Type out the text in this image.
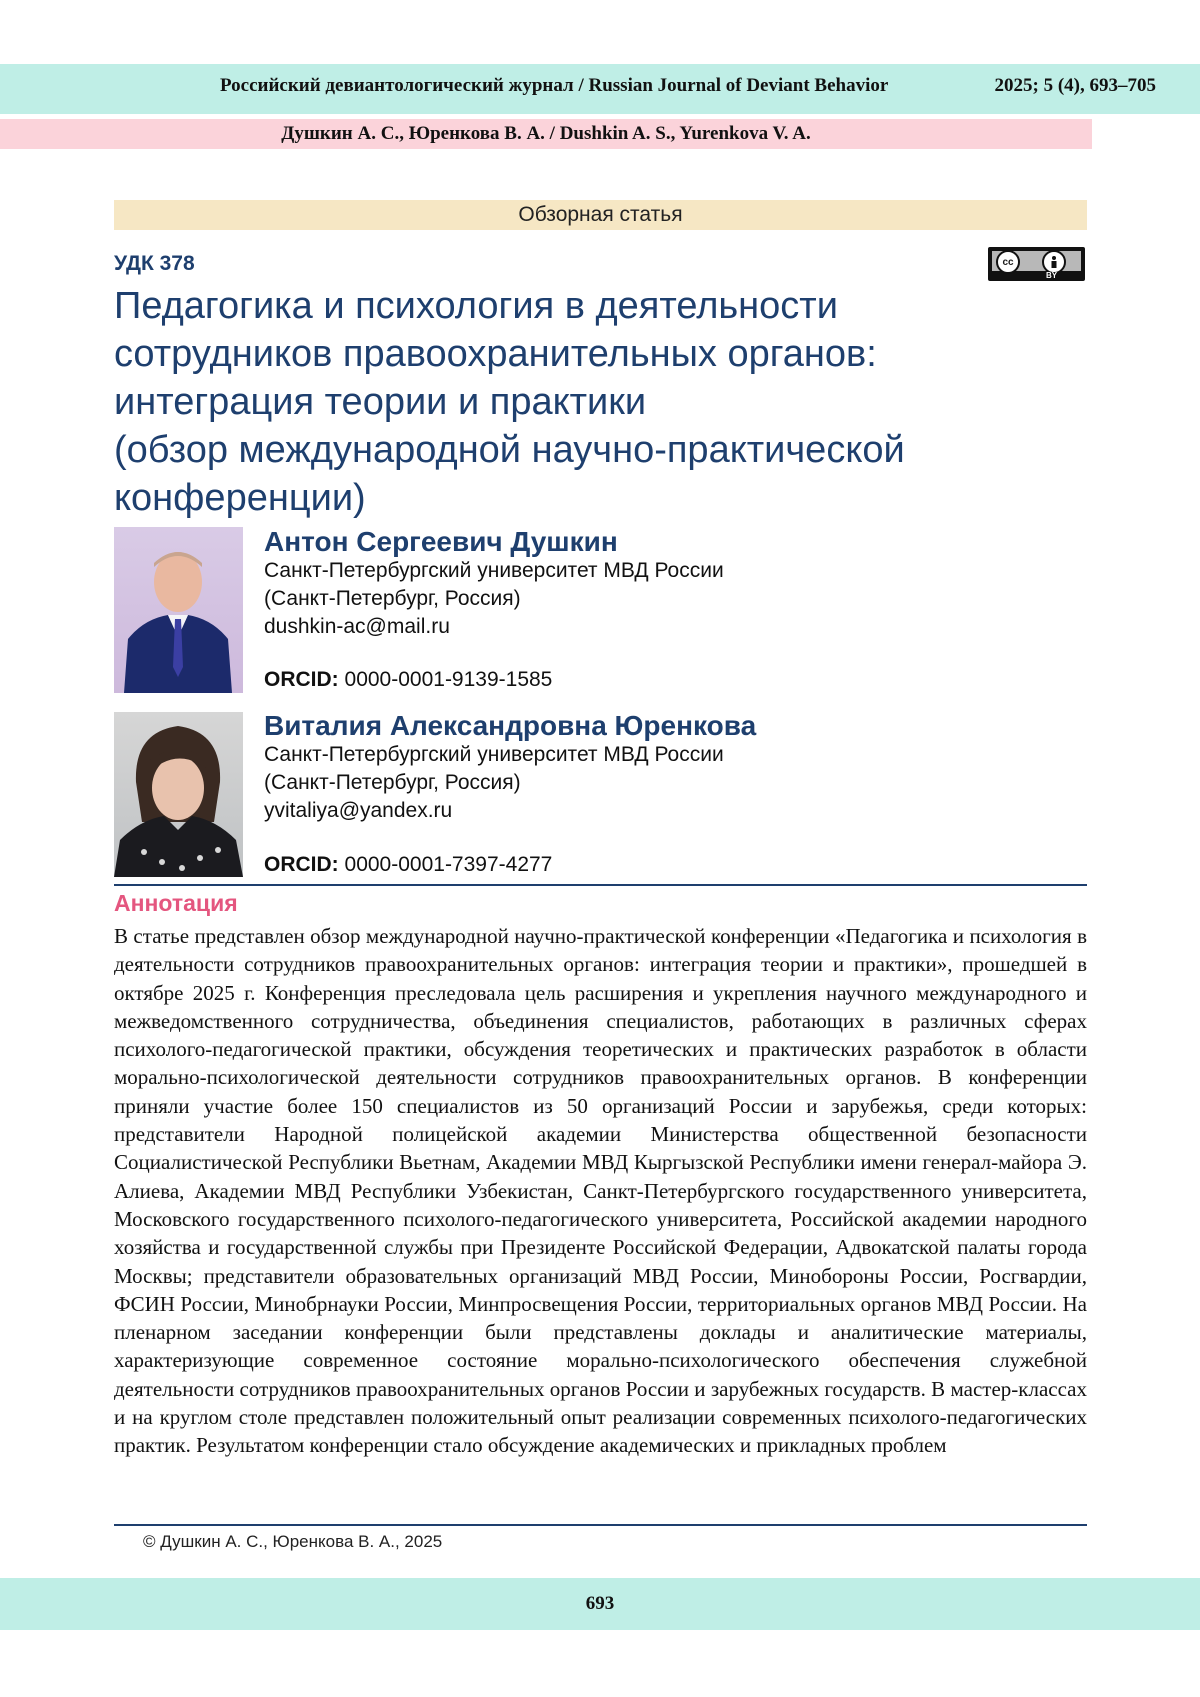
Российский девиантологический журнал / Russian Journal of Deviant Behavior	2025; 5 (4), 693–705
Душкин А. С., Юренкова В. А. / Dushkin A. S., Yurenkova V. A.
Обзорная статья
УДК 378	cc
BY
Педагогика и психология в деятельности
сотрудников правоохранительных органов:
интеграция теории и практики
(обзор международной научно-практической
конференции)
Антон Сергеевич Душкин
Санкт-Петербургский университет МВД России
(Санкт-Петербург, Россия)
dushkin-ac@mail.ru
ORCID: 0000-0001-9139-1585
Виталия Александровна Юренкова
Санкт-Петербургский университет МВД России
(Санкт-Петербург, Россия)
yvitaliya@yandex.ru
ORCID: 0000-0001-7397-4277
Аннотация
В статье представлен обзор международной научно-практической конференции «Педагогика и психология в деятельности сотрудников правоохранительных органов: интеграция теории и практики», прошедшей в октябре 2025 г. Конференция преследовала цель расширения и укрепления научного международного и межведомственного сотрудничества, объединения специалистов, работающих в различных сферах психолого-педагогической практики, обсуждения теоретических и практических разработок в области морально-психологической деятельности сотрудников правоохранительных органов. В конференции приняли участие более 150 специалистов из 50 организаций России и зарубежья, среди которых: представители Народной полицейской академии Министерства общественной безопасности Социалистической Республики Вьетнам, Академии МВД Кыргызской Республики имени генерал-майора Э. Алиева, Академии МВД Республики Узбекистан, Санкт-Петербургского государственного университета, Московского государственного психолого-педагогического университета, Российской академии народного хозяйства и государственной службы при Президенте Российской Федерации, Адвокатской палаты города Москвы; представители образовательных организаций МВД России, Минобороны России, Росгвардии, ФСИН России, Минобрнауки России, Минпросвещения России, территориальных органов МВД России. На пленарном заседании конференции были представлены доклады и аналитические материалы, характеризующие современное состояние морально-психологического обеспечения служебной деятельности сотрудников правоохранительных органов России и зарубежных государств. В мастер-классах и на круглом столе представлен положительный опыт реализации современных психолого-педагогических практик. Результатом конференции стало обсуждение академических и прикладных проблем
© Душкин А. С., Юренкова В. А., 2025
693
